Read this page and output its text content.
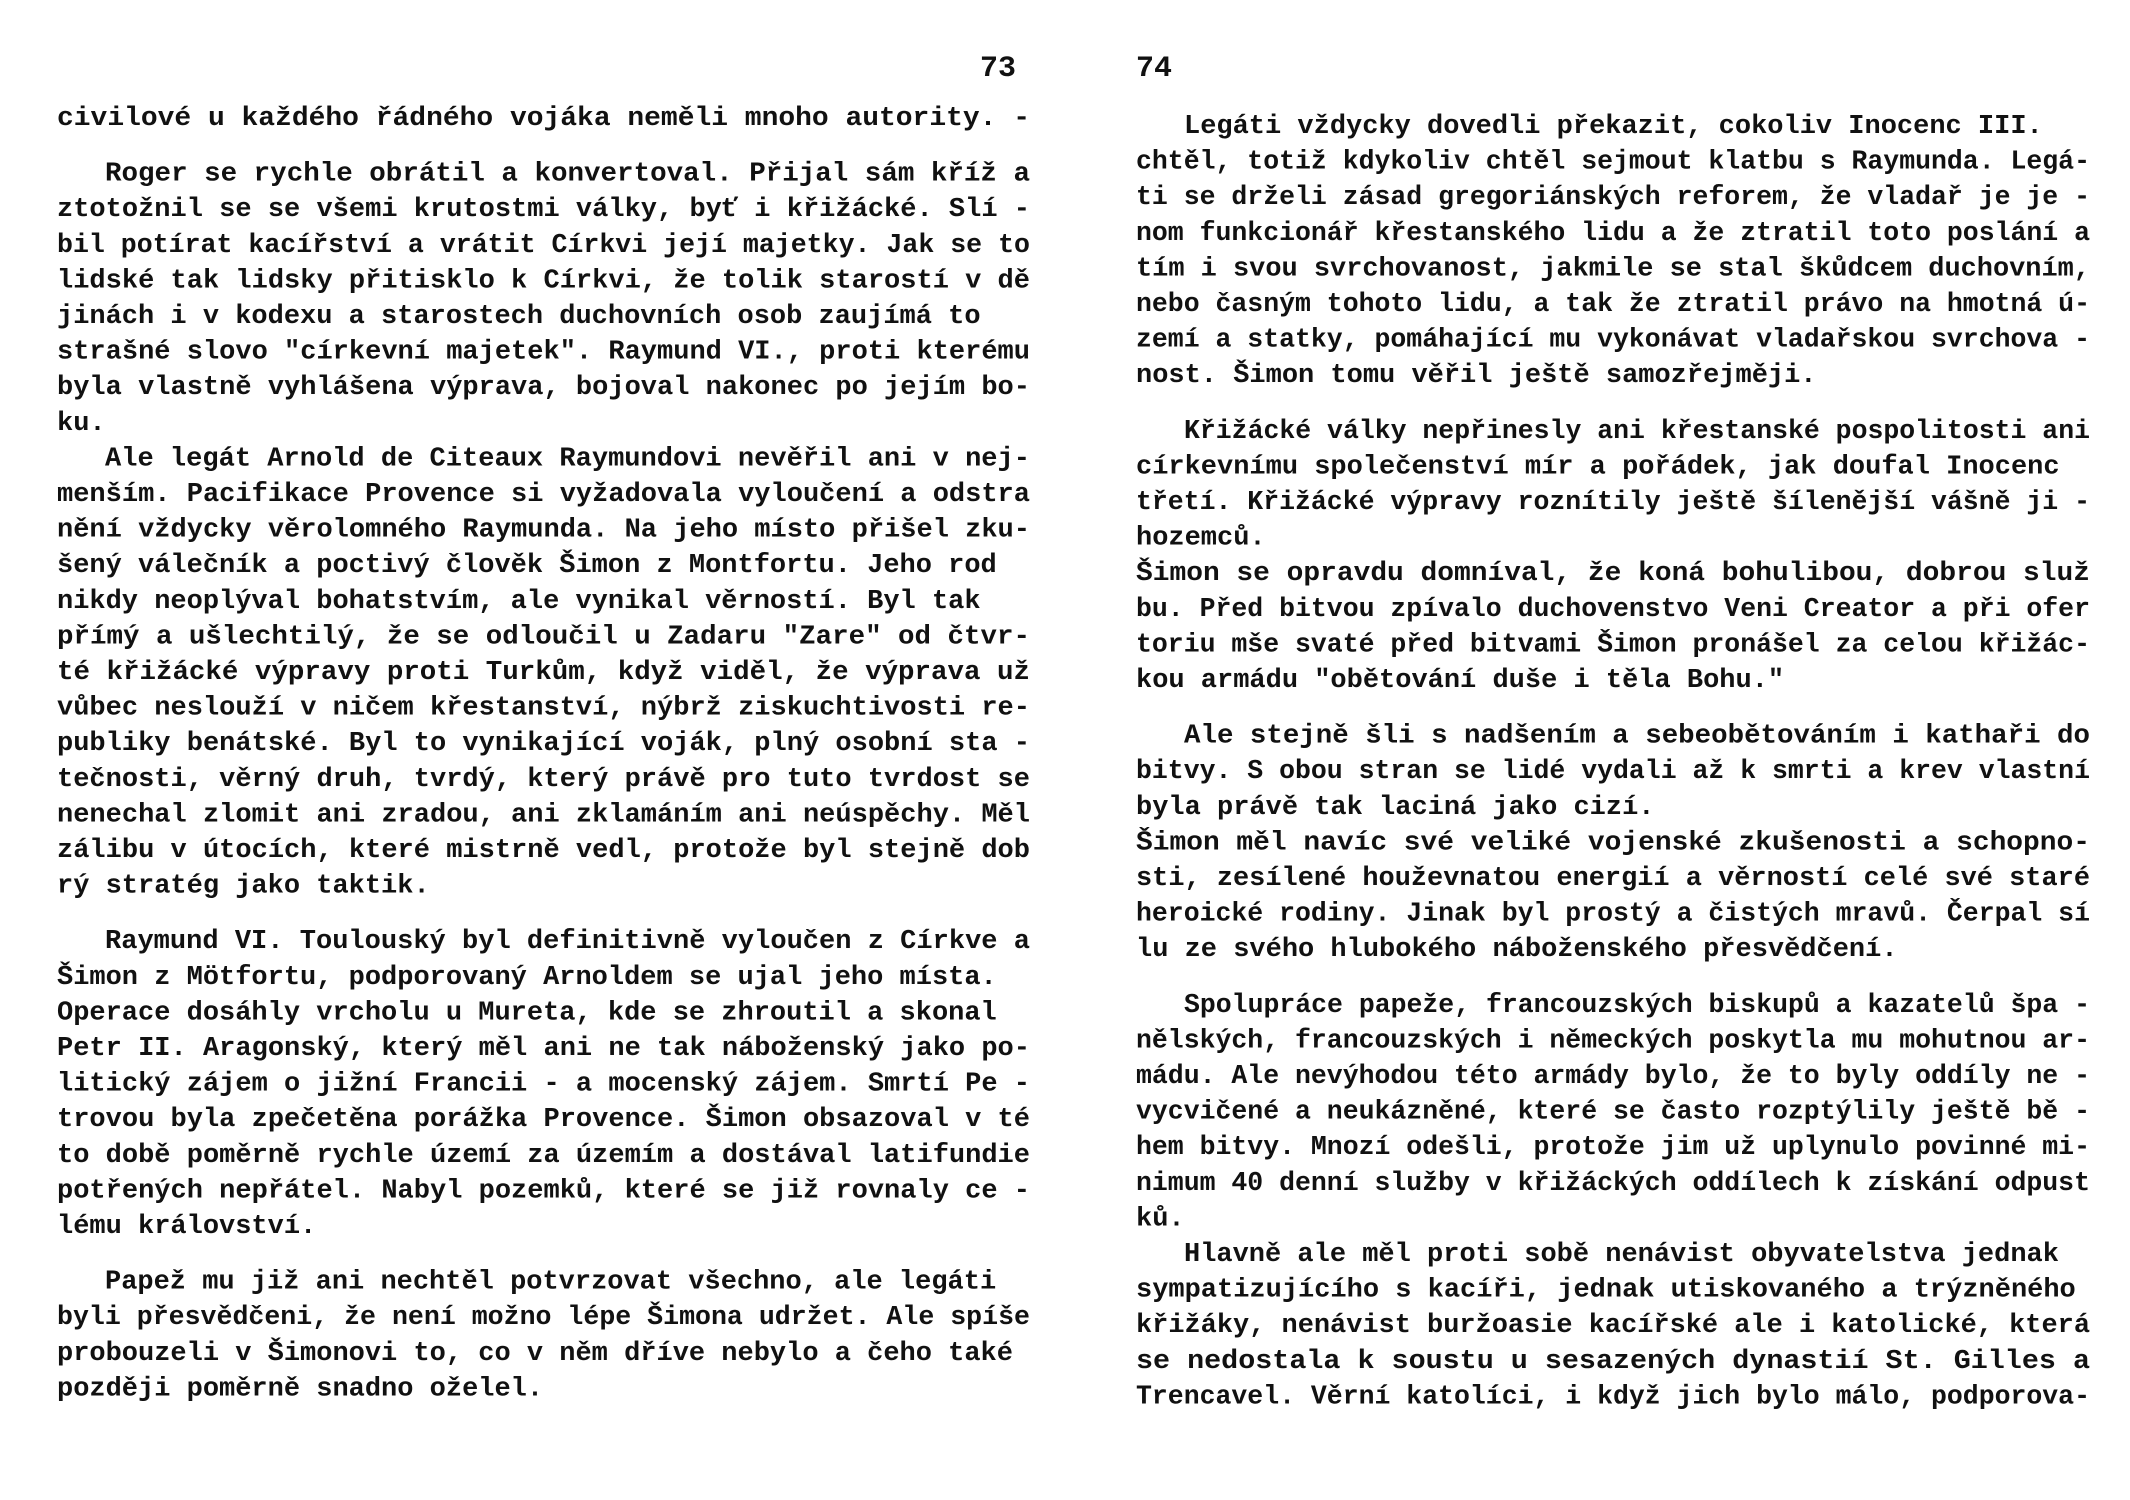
73
civilové u každého řádného vojáka neměli mnoho autority. -
Roger se rychle obrátil a konvertoval. Přijal sám kříž a
ztotožnil se se všemi krutostmi války, byť i křižácké. Slí -
bil potírat kacířství a vrátit Církvi její majetky. Jak se to
lidské tak lidsky přitisklo k Církvi, že tolik starostí v dě
jinách i v kodexu a starostech duchovních osob zaujímá to
strašné slovo "církevní majetek". Raymund VI., proti kterému
byla vlastně vyhlášena výprava, bojoval nakonec po jejím bo-
ku.
Ale legát Arnold de Citeaux Raymundovi nevěřil ani v nej-
menším. Pacifikace Provence si vyžadovala vyloučení a odstra
nění vždycky věrolomného Raymunda. Na jeho místo přišel zku-
šený válečník a poctivý člověk Šimon z Montfortu. Jeho rod
nikdy neoplýval bohatstvím, ale vynikal věrností. Byl tak
přímý a ušlechtilý, že se odloučil u Zadaru "Zare" od čtvr-
té křižácké výpravy proti Turkům, když viděl, že výprava už
vůbec neslouží v ničem křestanství, nýbrž ziskuchtivosti re-
publiky benátské. Byl to vynikající voják, plný osobní sta -
tečnosti, věrný druh, tvrdý, který právě pro tuto tvrdost se
nenechal zlomit ani zradou, ani zklamáním ani neúspěchy. Měl
zálibu v útocích, které mistrně vedl, protože byl stejně dob
rý stratég jako taktik.
Raymund VI. Toulouský byl definitivně vyloučen z Církve a
Šimon z Mötfortu, podporovaný Arnoldem se ujal jeho místa.
Operace dosáhly vrcholu u Mureta, kde se zhroutil a skonal
Petr II. Aragonský, který měl ani ne tak náboženský jako po-
litický zájem o jižní Francii - a mocenský zájem. Smrtí Pe -
trovou byla zpečetěna porážka Provence. Šimon obsazoval v té
to době poměrně rychle území za územím a dostával latifundie
potřených nepřátel. Nabyl pozemků, které se již rovnaly ce -
lému království.
Papež mu již ani nechtěl potvrzovat všechno, ale legáti
byli přesvědčeni, že není možno lépe Šimona udržet. Ale spíše
probouzeli v Šimonovi to, co v něm dříve nebylo a čeho také
později poměrně snadno oželel.
74
Legáti vždycky dovedli překazit, cokoliv Inocenc III.
chtěl, totiž kdykoliv chtěl sejmout klatbu s Raymunda. Legá-
ti se drželi zásad gregoriánských reforem, že vladař je je -
nom funkcionář křestanského lidu a že ztratil toto poslání a
tím i svou svrchovanost, jakmile se stal škůdcem duchovním,
nebo časným tohoto lidu, a tak že ztratil právo na hmotná ú-
zemí a statky, pomáhající mu vykonávat vladařskou svrchova -
nost. Šimon tomu věřil ještě samozřejměji.
Křižácké války nepřinesly ani křestanské pospolitosti ani
církevnímu společenství mír a pořádek, jak doufal Inocenc
třetí. Křižácké výpravy roznítily ještě šílenější vášně ji -
hozemců.
Šimon se opravdu domníval, že koná bohulibou, dobrou služ
bu. Před bitvou zpívalo duchovenstvo Veni Creator a při ofer
toriu mše svaté před bitvami Šimon pronášel za celou křižác-
kou armádu "obětování duše i těla Bohu."
Ale stejně šli s nadšením a sebeobětováním i kathaři do
bitvy. S obou stran se lidé vydali až k smrti a krev vlastní
byla právě tak laciná jako cizí.
Šimon měl navíc své veliké vojenské zkušenosti a schopno-
sti, zesílené houževnatou energií a věrností celé své staré
heroické rodiny. Jinak byl prostý a čistých mravů. Čerpal sí
lu ze svého hlubokého náboženského přesvědčení.
Spolupráce papeže, francouzských biskupů a kazatelů špa -
nělských, francouzských i německých poskytla mu mohutnou ar-
mádu. Ale nevýhodou této armády bylo, že to byly oddíly ne -
vycvičené a neukázněné, které se často rozptýlily ještě bě -
hem bitvy. Mnozí odešli, protože jim už uplynulo povinné mi-
nimum 40 denní služby v křižáckých oddílech k získání odpust
ků.
Hlavně ale měl proti sobě nenávist obyvatelstva jednak
sympatizujícího s kacíři, jednak utiskovaného a trýzněného
křižáky, nenávist buržoasie kacířské ale i katolické, která
se nedostala k soustu u sesazených dynastií St. Gilles a
Trencavel. Věrní katolíci, i když jich bylo málo, podporova-
